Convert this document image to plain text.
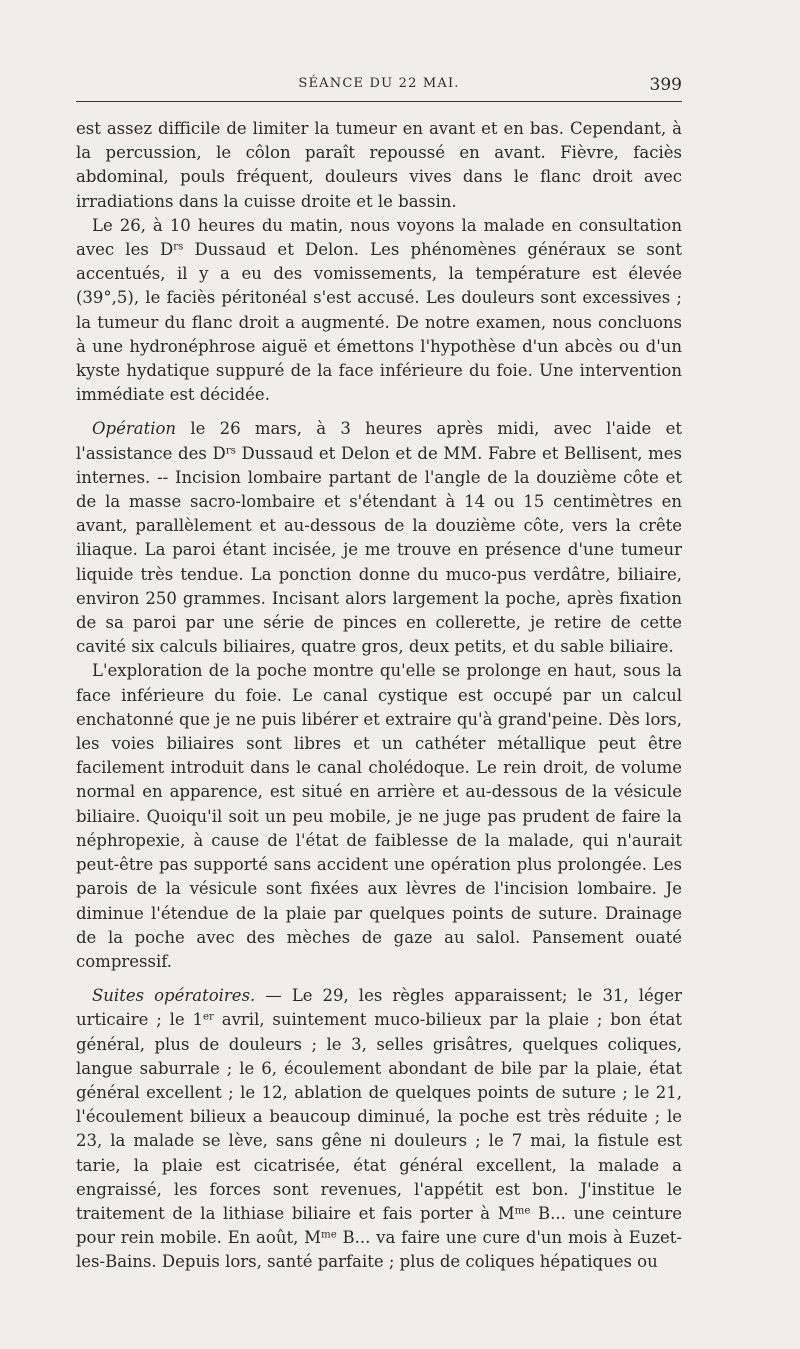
SÉANCE DU 22 MAI.	399

est assez difficile de limiter la tumeur en avant et en bas. Cependant, à la percussion, le côlon paraît repoussé en avant. Fièvre, faciès abdominal, pouls fréquent, douleurs vives dans le flanc droit avec irradiations dans la cuisse droite et le bassin.

Le 26, à 10 heures du matin, nous voyons la malade en consultation avec les $D^{rs}$ Dussaud et Delon. Les phénomènes généraux se sont accentués, il y a eu des vomissements, la température est élevée (39°,5), le faciès péritonéal s'est accusé. Les douleurs sont excessives ; la tumeur du flanc droit a augmenté. De notre examen, nous concluons à une hydronéphrose aiguë et émettons l'hypothèse d'un abcès ou d'un kyste hydatique suppuré de la face inférieure du foie. Une intervention immédiate est décidée.

Opération le 26 mars, à 3 heures après midi, avec l'aide et l'assistance des $D^{rs}$ Dussaud et Delon et de MM. Fabre et Bellisent, mes internes. -- Incision lombaire partant de l'angle de la douzième côte et de la masse sacro-lombaire et s'étendant à 14 ou 15 centimètres en avant, parallèlement et au-dessous de la douzième côte, vers la crête iliaque. La paroi étant incisée, je me trouve en présence d'une tumeur liquide très tendue. La ponction donne du muco-pus verdâtre, biliaire, environ 250 grammes. Incisant alors largement la poche, après fixation de sa paroi par une série de pinces en collerette, je retire de cette cavité six calculs biliaires, quatre gros, deux petits, et du sable biliaire.

L'exploration de la poche montre qu'elle se prolonge en haut, sous la face inférieure du foie. Le canal cystique est occupé par un calcul enchatonné que je ne puis libérer et extraire qu'à grand'peine. Dès lors, les voies biliaires sont libres et un cathéter métallique peut être facilement introduit dans le canal cholédoque. Le rein droit, de volume normal en apparence, est situé en arrière et au-dessous de la vésicule biliaire. Quoiqu'il soit un peu mobile, je ne juge pas prudent de faire la néphropexie, à cause de l'état de faiblesse de la malade, qui n'aurait peut-être pas supporté sans accident une opération plus prolongée. Les parois de la vésicule sont fixées aux lèvres de l'incision lombaire. Je diminue l'étendue de la plaie par quelques points de suture. Drainage de la poche avec des mèches de gaze au salol. Pansement ouaté compressif.

Suites opératoires. — Le 29, les règles apparaissent; le 31, léger urticaire ; le 1er avril, suintement muco-bilieux par la plaie ; bon état général, plus de douleurs ; le 3, selles grisâtres, quelques coliques, langue saburrale ; le 6, écoulement abondant de bile par la plaie, état général excellent ; le 12, ablation de quelques points de suture ; le 21, l'écoulement bilieux a beaucoup diminué, la poche est très réduite ; le 23, la malade se lève, sans gêne ni douleurs ; le 7 mai, la fistule est tarie, la plaie est cicatrisée, état général excellent, la malade a engraissé, les forces sont revenues, l'appétit est bon. J'institue le traitement de la lithiase biliaire et fais porter à $M^{me}$ B... une ceinture pour rein mobile. En août, $M^{me}$ B... va faire une cure d'un mois à Euzet-les-Bains. Depuis lors, santé parfaite ; plus de coliques hépatiques ou
